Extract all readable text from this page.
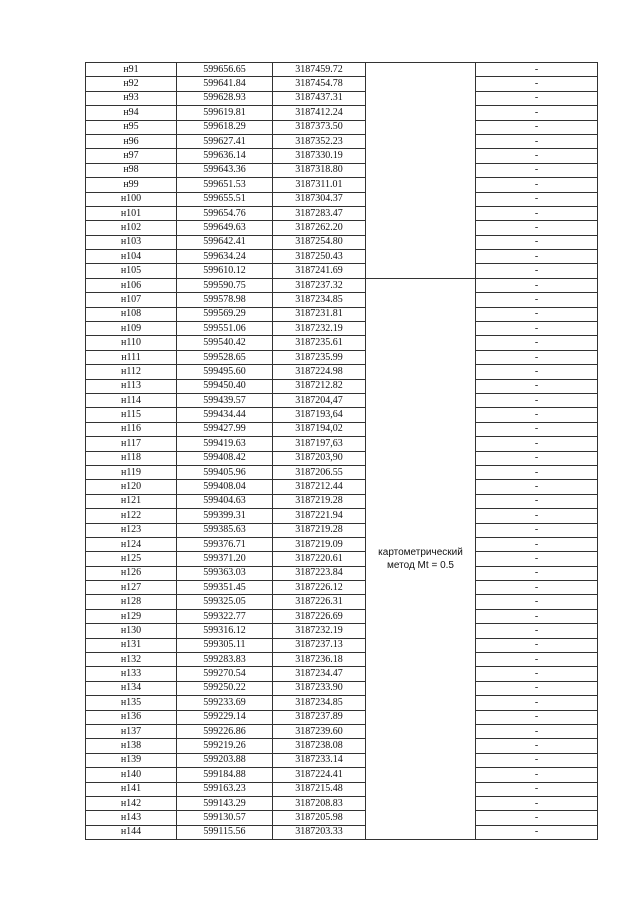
н91	599656.65	3187459.72		-
н92	599641.84	3187454.78		-
н93	599628.93	3187437.31		-
н94	599619.81	3187412.24		-
н95	599618.29	3187373.50		-
н96	599627.41	3187352.23		-
н97	599636.14	3187330.19		-
н98	599643.36	3187318.80		-
н99	599651.53	3187311.01		-
н100	599655.51	3187304.37		-
н101	599654.76	3187283.47		-
н102	599649.63	3187262.20		-
н103	599642.41	3187254.80		-
н104	599634.24	3187250.43		-
н105	599610.12	3187241.69		-
н106	599590.75	3187237.32	картометрический метод Mt = 0.5	-
н107	599578.98	3187234.85		-
н108	599569.29	3187231.81		-
н109	599551.06	3187232.19		-
н110	599540.42	3187235.61		-
н111	599528.65	3187235.99		-
н112	599495.60	3187224.98		-
н113	599450.40	3187212.82		-
н114	599439.57	3187204,47		-
н115	599434.44	3187193,64		-
н116	599427.99	3187194,02		-
н117	599419.63	3187197,63		-
н118	599408.42	3187203,90		-
н119	599405.96	3187206.55		-
н120	599408.04	3187212.44		-
н121	599404.63	3187219.28		-
н122	599399.31	3187221.94		-
н123	599385.63	3187219.28		-
н124	599376.71	3187219.09		-
н125	599371.20	3187220.61		-
н126	599363.03	3187223.84		-
н127	599351.45	3187226.12		-
н128	599325.05	3187226.31		-
н129	599322.77	3187226.69		-
н130	599316.12	3187232.19		-
н131	599305.11	3187237.13		-
н132	599283.83	3187236.18		-
н133	599270.54	3187234.47		-
н134	599250.22	3187233.90		-
н135	599233.69	3187234.85		-
н136	599229.14	3187237.89		-
н137	599226.86	3187239.60		-
н138	599219.26	3187238.08		-
н139	599203.88	3187233.14		-
н140	599184.88	3187224.41		-
н141	599163.23	3187215.48		-
н142	599143.29	3187208.83		-
н143	599130.57	3187205.98		-
н144	599115.56	3187203.33		-
